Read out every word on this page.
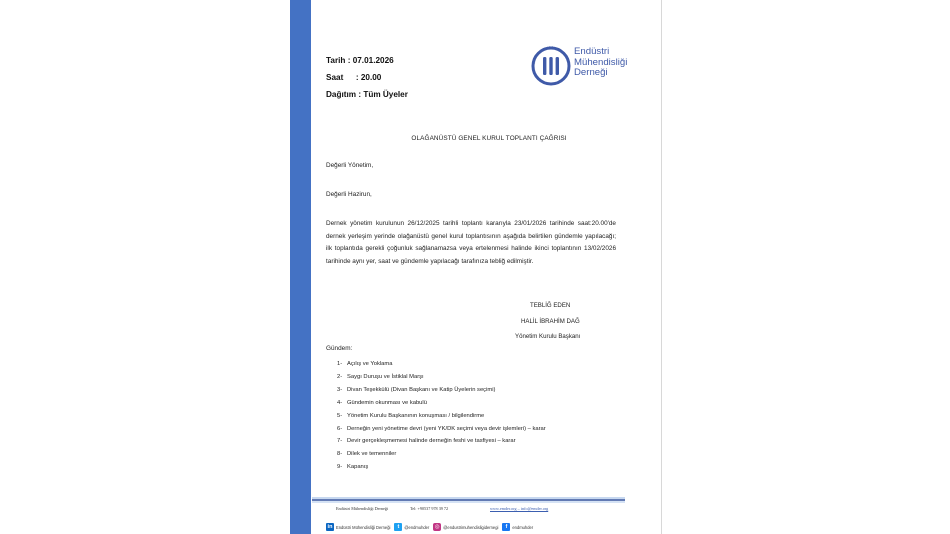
Tarih : 07.01.2026
Saat : 20.00
Dağıtım : Tüm Üyeler
Endüstri Mühendisliği Derneği Endüstri
Mühendisliği
Derneği
OLAĞANÜSTÜ GENEL KURUL TOPLANTI ÇAĞRISI
Değerli Yönetim,
Değerli Hazirun,
Dernek yönetim kurulunun 26/12/2025 tarihli toplantı kararıyla 23/01/2026 tarihinde saat:20.00'de dernek yerleşim yerinde olağanüstü genel kurul toplantısının aşağıda belirtilen gündemle yapılacağı; ilk toplantıda gerekli çoğunluk sağlanamazsa veya ertelenmesi halinde ikinci toplantının 13/02/2026 tarihinde aynı yer, saat ve gündemle yapılacağı tarafınıza tebliğ edilmiştir.
TEBLİĞ EDEN
HALİL İBRAHİM DAĞ
Yönetim Kurulu Başkanı
Gündem:
1- Açılış ve Yoklama
2- Saygı Duruşu ve İstiklal Marşı
3- Divan Teşekkülü (Divan Başkanı ve Katip Üyelerin seçimi)
4- Gündemin okunması ve kabulü
5- Yönetim Kurulu Başkanının konuşması / bilgilendirme
6- Derneğin yeni yönetime devri (yeni YK/DK seçimi veya devir işlemleri) – karar
7- Devir gerçekleşmemesi halinde derneğin feshi ve tasfiyesi – karar
8- Dilek ve temenniler
9- Kapanış
Endüstri Mühendisliği Derneği	Tel: +90537 978 39 72	www.emder.org – info@emder.org
in Endüstri Mühendisliği Derneği	t	@endmuhder ◎ @endustrimuhendisligidernegi	f	endmuhder
